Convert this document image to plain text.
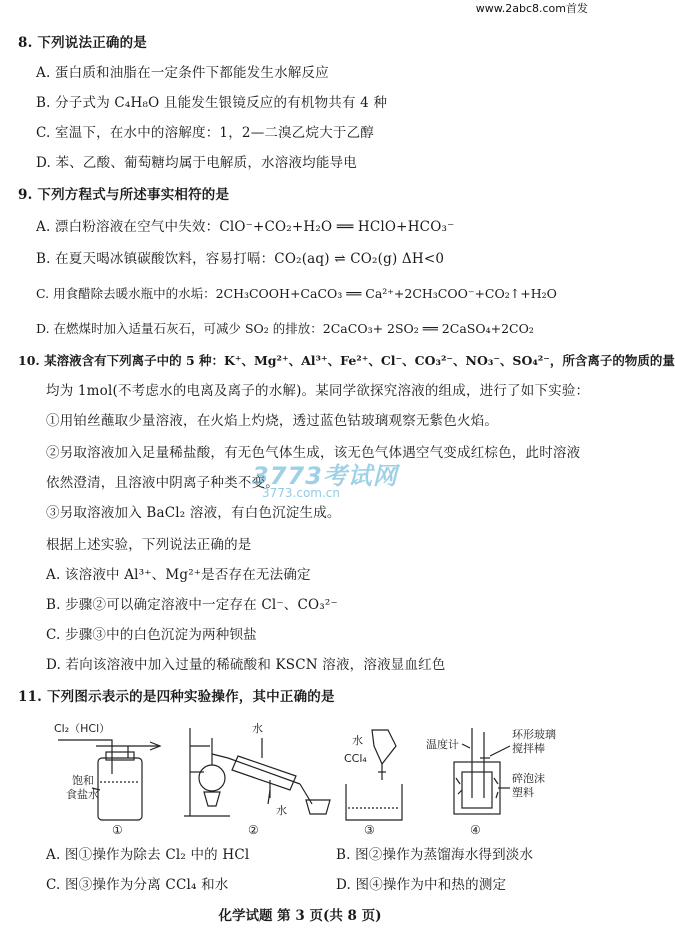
www.2abc8.com首发
8. 下列说法正确的是
A. 蛋白质和油脂在一定条件下都能发生水解反应
B. 分子式为 C₄H₈O 且能发生银镜反应的有机物共有 4 种
C. 室温下，在水中的溶解度：1，2—二溴乙烷大于乙醇
D. 苯、乙酸、葡萄糖均属于电解质，水溶液均能导电
9. 下列方程式与所述事实相符的是
A. 漂白粉溶液在空气中失效：ClO⁻+CO₂+H₂O ══ HClO+HCO₃⁻
B. 在夏天喝冰镇碳酸饮料，容易打嗝：CO₂(aq) ⇌ CO₂(g) ΔH<0
C. 用食醋除去暖水瓶中的水垢：2CH₃COOH+CaCO₃ ══ Ca²⁺+2CH₃COO⁻+CO₂↑+H₂O
D. 在燃煤时加入适量石灰石，可减少 SO₂ 的排放：2CaCO₃+ 2SO₂ ══ 2CaSO₄+2CO₂
10. 某溶液含有下列离子中的 5 种：K⁺、Mg²⁺、Al³⁺、Fe²⁺、Cl⁻、CO₃²⁻、NO₃⁻、SO₄²⁻，所含离子的物质的量
均为 1mol(不考虑水的电离及离子的水解)。某同学欲探究溶液的组成，进行了如下实验：
①用铂丝蘸取少量溶液，在火焰上灼烧，透过蓝色钴玻璃观察无紫色火焰。
②另取溶液加入足量稀盐酸，有无色气体生成，该无色气体遇空气变成红棕色，此时溶液
依然澄清，且溶液中阴离子种类不变。
③另取溶液加入 BaCl₂ 溶液，有白色沉淀生成。
根据上述实验，下列说法正确的是
A. 该溶液中 Al³⁺、Mg²⁺是否存在无法确定
B. 步骤②可以确定溶液中一定存在 Cl⁻、CO₃²⁻
C. 步骤③中的白色沉淀为两种钡盐
D. 若向该溶液中加入过量的稀硫酸和 KSCN 溶液，溶液显血红色
3773考试网
3773.com.cn
11. 下列图示表示的是四种实验操作，其中正确的是
Cl₂（HCl）
饱和
食盐水
①
水
水
②
水
CCl₄
③
温度计
环形玻璃
搅拌棒
碎泡沫
塑料
④
A. 图①操作为除去 Cl₂ 中的 HCl	B. 图②操作为蒸馏海水得到淡水
C. 图③操作为分离 CCl₄ 和水	D. 图④操作为中和热的测定
化学试题 第 3 页(共 8 页)
